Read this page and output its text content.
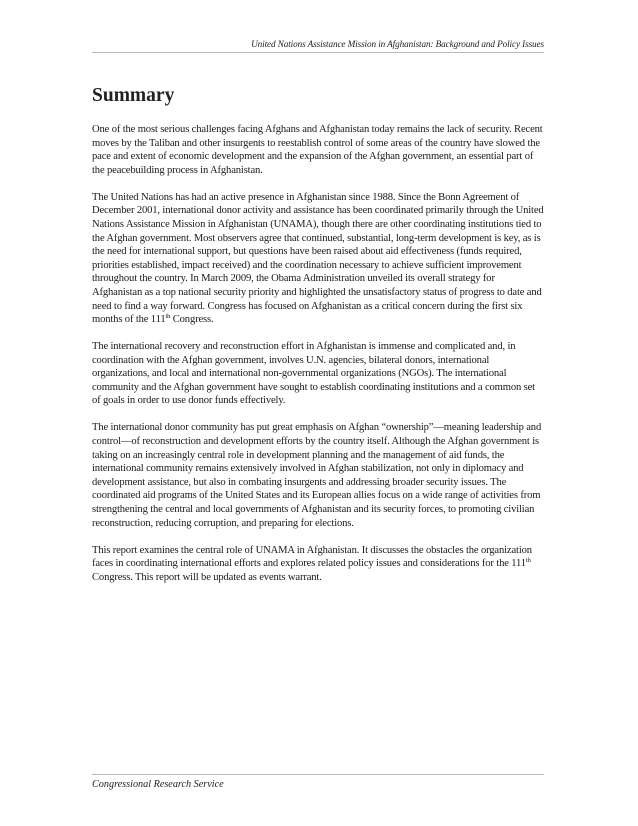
United Nations Assistance Mission in Afghanistan: Background and Policy Issues
Summary

One of the most serious challenges facing Afghans and Afghanistan today remains the lack of security. Recent moves by the Taliban and other insurgents to reestablish control of some areas of the country have slowed the pace and extent of economic development and the expansion of the Afghan government, an essential part of the peacebuilding process in Afghanistan.

The United Nations has had an active presence in Afghanistan since 1988. Since the Bonn Agreement of December 2001, international donor activity and assistance has been coordinated primarily through the United Nations Assistance Mission in Afghanistan (UNAMA), though there are other coordinating institutions tied to the Afghan government. Most observers agree that continued, substantial, long-term development is key, as is the need for international support, but questions have been raised about aid effectiveness (funds required, priorities established, impact received) and the coordination necessary to achieve sufficient improvement throughout the country. In March 2009, the Obama Administration unveiled its overall strategy for Afghanistan as a top national security priority and highlighted the unsatisfactory status of progress to date and need to find a way forward. Congress has focused on Afghanistan as a critical concern during the first six months of the 111th Congress.

The international recovery and reconstruction effort in Afghanistan is immense and complicated and, in coordination with the Afghan government, involves U.N. agencies, bilateral donors, international organizations, and local and international non-governmental organizations (NGOs). The international community and the Afghan government have sought to establish coordinating institutions and a common set of goals in order to use donor funds effectively.

The international donor community has put great emphasis on Afghan “ownership”—meaning leadership and control—of reconstruction and development efforts by the country itself. Although the Afghan government is taking on an increasingly central role in development planning and the management of aid funds, the international community remains extensively involved in Afghan stabilization, not only in diplomacy and development assistance, but also in combating insurgents and addressing broader security issues. The coordinated aid programs of the United States and its European allies focus on a wide range of activities from strengthening the central and local governments of Afghanistan and its security forces, to promoting civilian reconstruction, reducing corruption, and preparing for elections.

This report examines the central role of UNAMA in Afghanistan. It discusses the obstacles the organization faces in coordinating international efforts and explores related policy issues and considerations for the 111th Congress. This report will be updated as events warrant.

Congressional Research Service
